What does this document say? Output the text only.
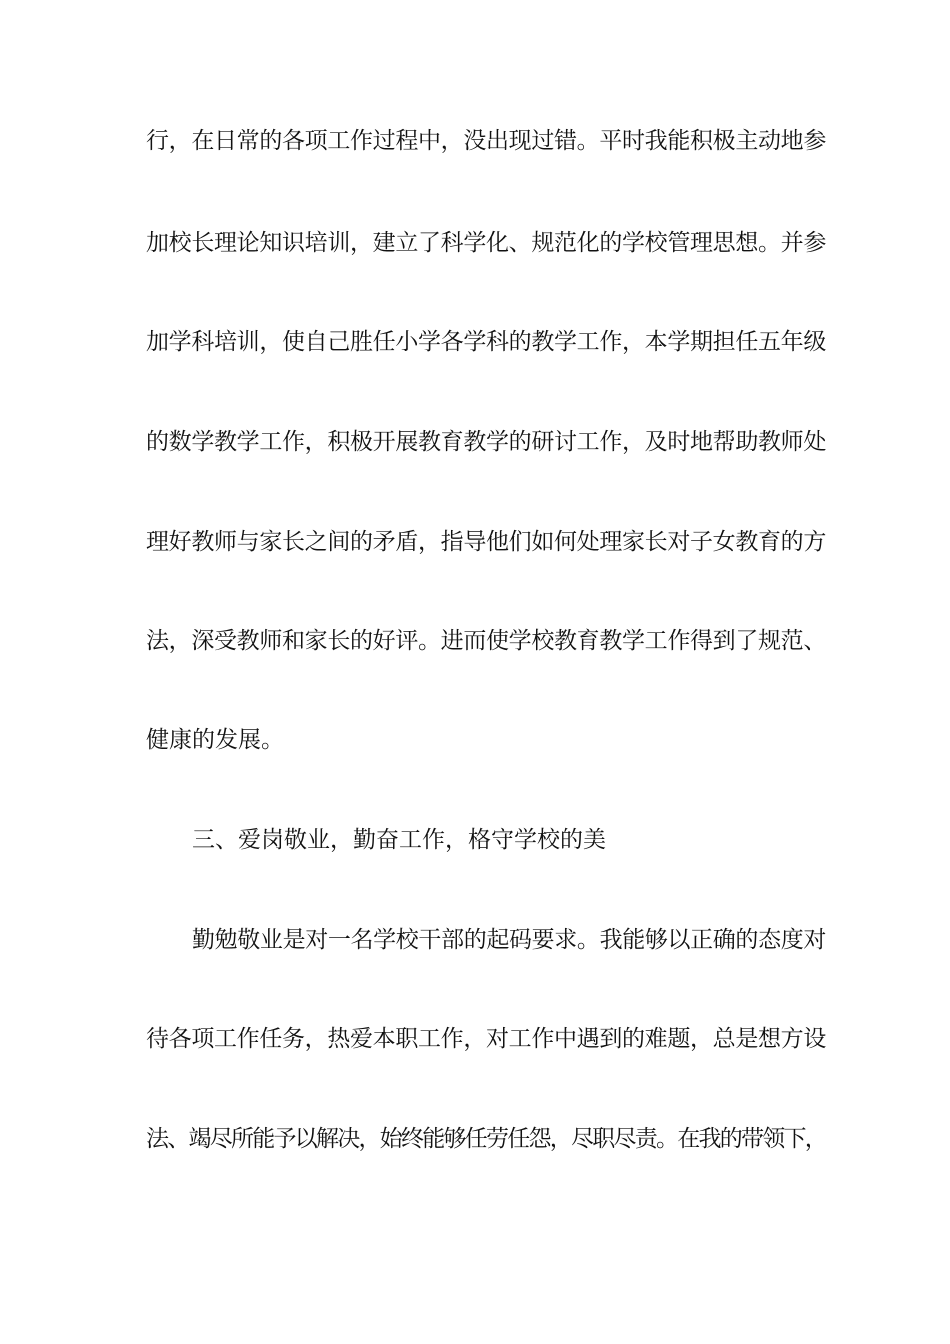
行，在日常的各项工作过程中，没出现过错。平时我能积极主动地参
加校长理论知识培训，建立了科学化、规范化的学校管理思想。并参
加学科培训，使自己胜任小学各学科的教学工作，本学期担任五年级
的数学教学工作，积极开展教育教学的研讨工作，及时地帮助教师处
理好教师与家长之间的矛盾，指导他们如何处理家长对子女教育的方
法，深受教师和家长的好评。进而使学校教育教学工作得到了规范、
健康的发展。
三、爱岗敬业，勤奋工作，格守学校的美
勤勉敬业是对一名学校干部的起码要求。我能够以正确的态度对
待各项工作任务，热爱本职工作，对工作中遇到的难题，总是想方设
法、竭尽所能予以解决，始终能够任劳任怨，尽职尽责。在我的带领下，
